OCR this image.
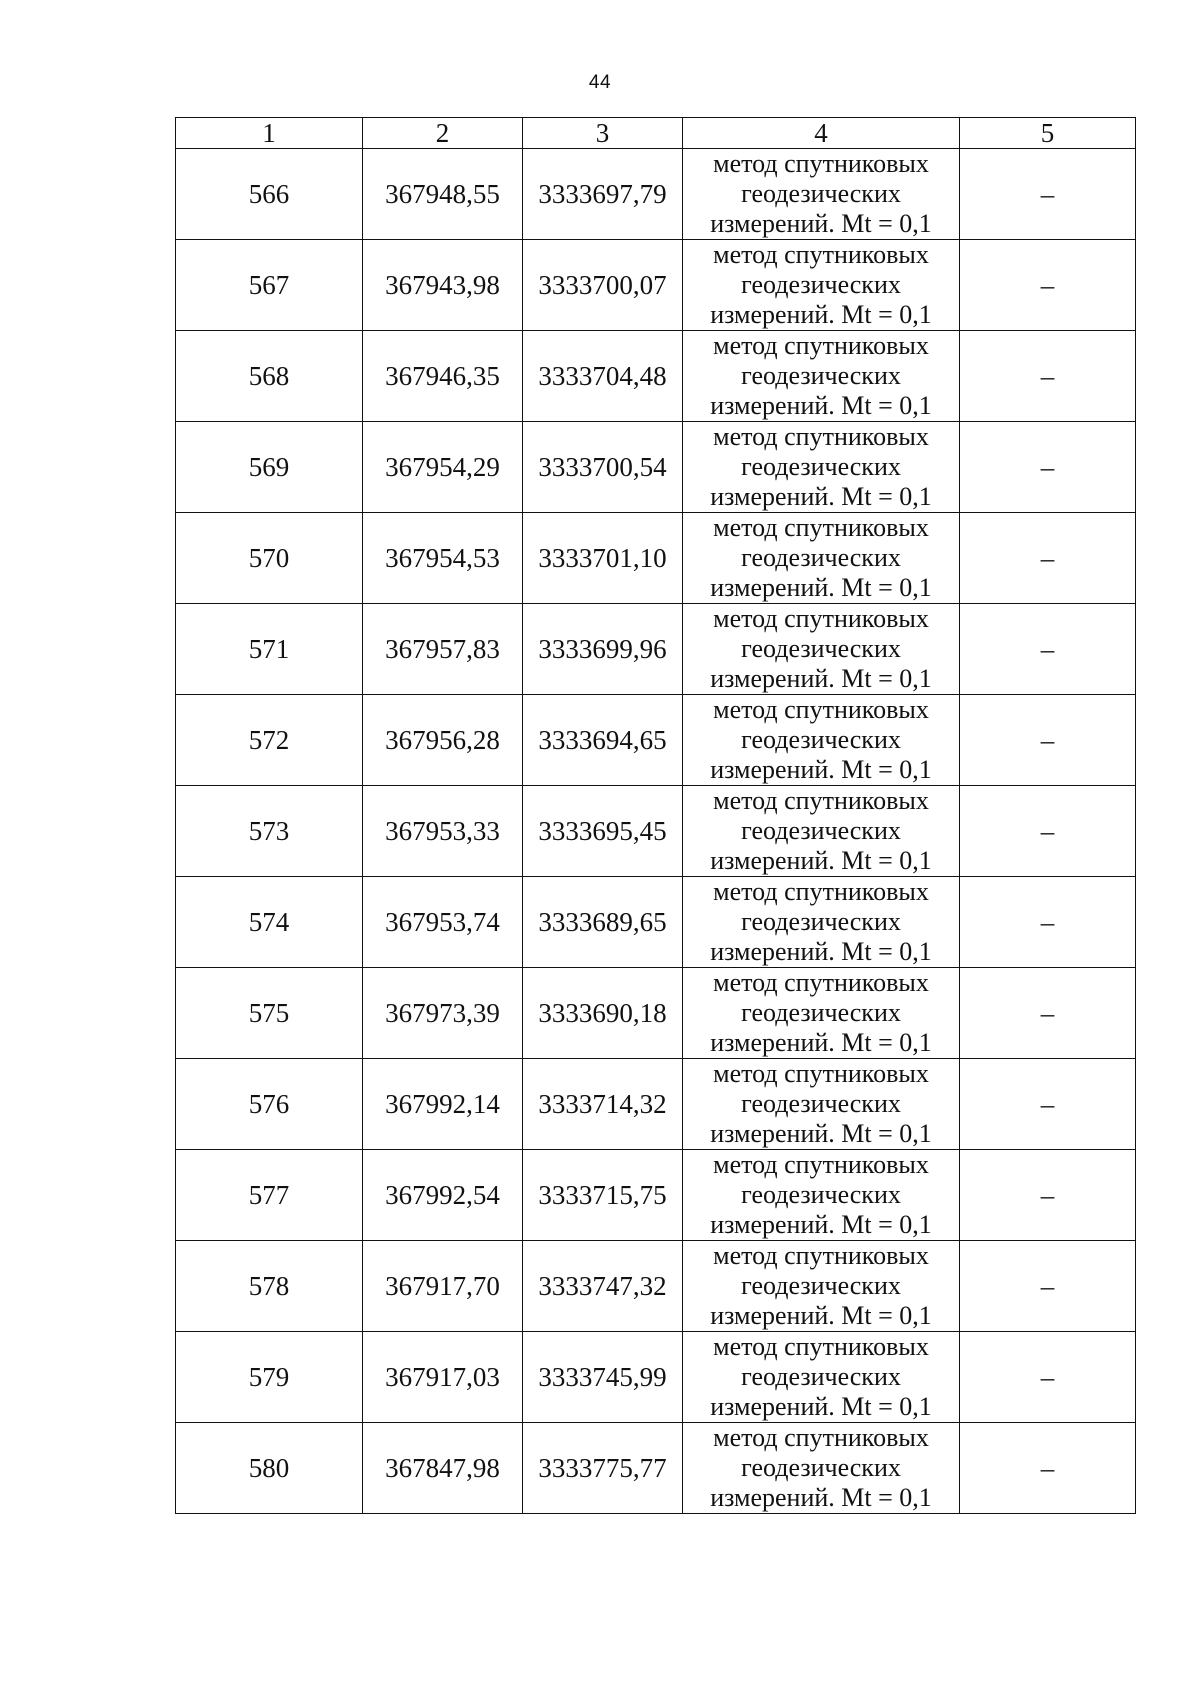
44
1	2	3	4	5
566	367948,55	3333697,79	метод спутниковых
геодезических
измерений. Mt = 0,1	–
567	367943,98	3333700,07	метод спутниковых
геодезических
измерений. Mt = 0,1	–
568	367946,35	3333704,48	метод спутниковых
геодезических
измерений. Mt = 0,1	–
569	367954,29	3333700,54	метод спутниковых
геодезических
измерений. Mt = 0,1	–
570	367954,53	3333701,10	метод спутниковых
геодезических
измерений. Mt = 0,1	–
571	367957,83	3333699,96	метод спутниковых
геодезических
измерений. Mt = 0,1	–
572	367956,28	3333694,65	метод спутниковых
геодезических
измерений. Mt = 0,1	–
573	367953,33	3333695,45	метод спутниковых
геодезических
измерений. Mt = 0,1	–
574	367953,74	3333689,65	метод спутниковых
геодезических
измерений. Mt = 0,1	–
575	367973,39	3333690,18	метод спутниковых
геодезических
измерений. Mt = 0,1	–
576	367992,14	3333714,32	метод спутниковых
геодезических
измерений. Mt = 0,1	–
577	367992,54	3333715,75	метод спутниковых
геодезических
измерений. Mt = 0,1	–
578	367917,70	3333747,32	метод спутниковых
геодезических
измерений. Mt = 0,1	–
579	367917,03	3333745,99	метод спутниковых
геодезических
измерений. Mt = 0,1	–
580	367847,98	3333775,77	метод спутниковых
геодезических
измерений. Mt = 0,1	–
